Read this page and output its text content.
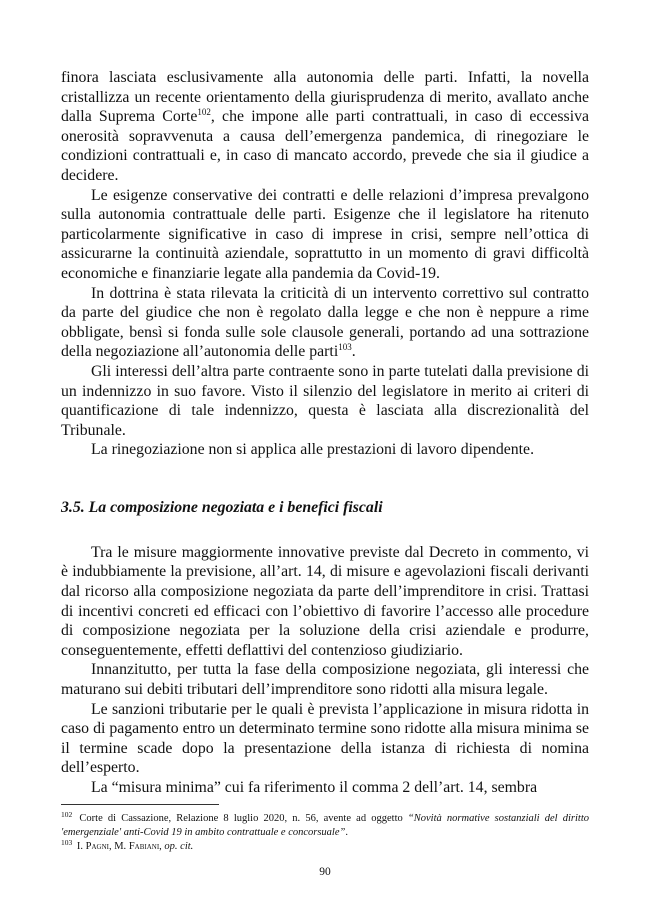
finora lasciata esclusivamente alla autonomia delle parti. Infatti, la novella cristallizza un recente orientamento della giurisprudenza di merito, avallato anche dalla Suprema Corte$^{102}$, che impone alle parti contrattuali, in caso di eccessiva onerosità sopravvenuta a causa dell’emergenza pandemica, di rinegoziare le condizioni contrattuali e, in caso di mancato accordo, prevede che sia il giudice a decidere.

Le esigenze conservative dei contratti e delle relazioni d’impresa prevalgono sulla autonomia contrattuale delle parti. Esigenze che il legislatore ha ritenuto particolarmente significative in caso di imprese in crisi, sempre nell’ottica di assicurarne la continuità aziendale, soprattutto in un momento di gravi difficoltà economiche e finanziarie legate alla pandemia da Covid-19.

In dottrina è stata rilevata la criticità di un intervento correttivo sul contratto da parte del giudice che non è regolato dalla legge e che non è neppure a rime obbligate, bensì si fonda sulle sole clausole generali, portando ad una sottrazione della negoziazione all’autonomia delle parti$^{103}$.

Gli interessi dell’altra parte contraente sono in parte tutelati dalla previsione di un indennizzo in suo favore. Visto il silenzio del legislatore in merito ai criteri di quantificazione di tale indennizzo, questa è lasciata alla discrezionalità del Tribunale.

La rinegoziazione non si applica alle prestazioni di lavoro dipendente.

3.5. La composizione negoziata e i benefici fiscali

Tra le misure maggiormente innovative previste dal Decreto in commento, vi è indubbiamente la previsione, all’art. 14, di misure e agevolazioni fiscali derivanti dal ricorso alla composizione negoziata da parte dell’imprenditore in crisi. Trattasi di incentivi concreti ed efficaci con l’obiettivo di favorire l’accesso alle procedure di composizione negoziata per la soluzione della crisi aziendale e produrre, conseguentemente, effetti deflattivi del contenzioso giudiziario.

Innanzitutto, per tutta la fase della composizione negoziata, gli interessi che maturano sui debiti tributari dell’imprenditore sono ridotti alla misura legale.

Le sanzioni tributarie per le quali è prevista l’applicazione in misura ridotta in caso di pagamento entro un determinato termine sono ridotte alla misura minima se il termine scade dopo la presentazione della istanza di richiesta di nomina dell’esperto.

La “misura minima” cui fa riferimento il comma 2 dell’art. 14, sembra

$^{102}$ Corte di Cassazione, Relazione 8 luglio 2020, n. 56, avente ad oggetto “Novità normative sostanziali del diritto 'emergenziale' anti-Covid 19 in ambito contrattuale e concorsuale”.

$^{103}$ I. Pagni, M. Fabiani, op. cit.

90
